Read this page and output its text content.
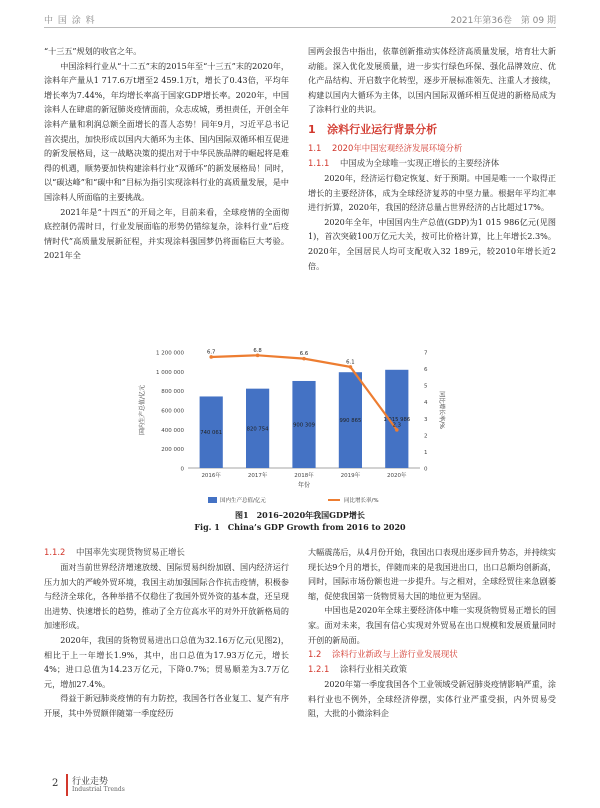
中 国 涂 料	2021年第36卷　第 09 期

“十三五”规划的收官之年。

中国涂料行业从“十二五”末的2015年至“十三五”末的2020年，涂料年产量从1 717.6万t增至2 459.1万t，增长了0.43倍，平均年增长率为7.44%，年均增长率高于国家GDP增长率。2020年，中国涂料人在肆虐的新冠肺炎疫情面前，众志成城，勇担责任，开创全年涂料产量和利润总额全面增长的喜人态势！同年9月，习近平总书记首次提出，加快形成以国内大循环为主体、国内国际双循环相互促进的新发展格局，这一战略决策的提出对于中华民族品牌的崛起将是难得的机遇，顺势要加快构建涂料行业“双循环”的新发展格局！同时，以“碳达峰”和“碳中和”目标为指引实现涂料行业的高质量发展，是中国涂料人所面临的主要挑战。

2021年是“十四五”的开局之年，目前来看，全球疫情的全面彻底控制仍需时日，行业发展面临的形势仍错综复杂，涂料行业“后疫情时代”高质量发展新征程，并实现涂料强国梦仍将面临巨大考验。2021年全

国两会报告中指出，依靠创新推动实体经济高质量发展，培育壮大新动能。深入优化发展质量，进一步实行绿色环保、强化品牌效应、优化产品结构、开启数字化转型，逐步开展标准领先、注重人才接续，构建以国内大循环为主体，以国内国际双循环相互促进的新格局成为了涂料行业的共识。

1 涂料行业运行背景分析
1.1 2020年中国宏观经济发展环境分析
1.1.1 中国成为全球唯一实现正增长的主要经济体

2020年，经济运行稳定恢复、好于预期。中国是唯一一个取得正增长的主要经济体，成为全球经济复苏的中坚力量。根据年平均汇率进行折算，2020年，我国的经济总量占世界经济的占比超过17%。

2020年全年，中国国内生产总值(GDP)为1 015 986亿元(见图1)，首次突破100万亿元大关，按可比价格计算，比上年增长2.3%。2020年，全国居民人均可支配收入32 189元，较2010年增长近2倍。

0
200 000
400 000
600 000
800 000
1 000 000
1 200 000
0
1
2
3
4
5
6
7
国内生产总值/亿元	同比增长率/%
740 061
2016年
820 754
2017年
900 309
2018年
990 865
2019年
1 015 986
2020年
6.7	6.8
6.6
6.1
2.3
年份
国内生产总值/亿元	同比增长率/%
图1　2016–2020年我国GDP增长
Fig. 1　China’s GDP Growth from 2016 to 2020
1.1.2 中国率先实现货物贸易正增长

面对当前世界经济增速放缓、国际贸易纠纷加剧、国内经济运行压力加大的严峻外贸环境，我国主动加强国际合作抗击疫情，积极参与经济全球化，各种举措不仅稳住了我国外贸外资的基本盘，还呈现出进势、快速增长的趋势，推动了全方位高水平的对外开放新格局的加速形成。

2020年，我国的货物贸易进出口总值为32.16万亿元(见图2)，相比于上一年增长1.9%，其中，出口总值为17.93万亿元，增长4%；进口总值为14.23万亿元，下降0.7%；贸易顺差为3.7万亿元，增加27.4%。

得益于新冠肺炎疫情的有力防控，我国各行各业复工、复产有序开展，其中外贸额伴随第一季度经历

大幅震荡后，从4月份开始，我国出口表现出逐步回升势态，并持续实现长达9个月的增长，伴随而来的是我国进出口，出口总额均创新高，同时，国际市场份额也进一步提升。与之相对，全球经贸往来急剧萎缩，促使我国第一货物贸易大国的地位更为坚固。

中国也是2020年全球主要经济体中唯一实现货物贸易正增长的国家。面对未来，我国有信心实现对外贸易在出口规模和发展质量同时开创的新局面。

1.2 涂料行业新政与上游行业发展现状
1.2.1 涂料行业相关政策

2020年第一季度我国各个工业领域受新冠肺炎疫情影响严重，涂料行业也不例外，全球经济停摆，实体行业严重受损，内外贸易受阻，大批的小微涂料企

2 行业走势
Industrial Trends
